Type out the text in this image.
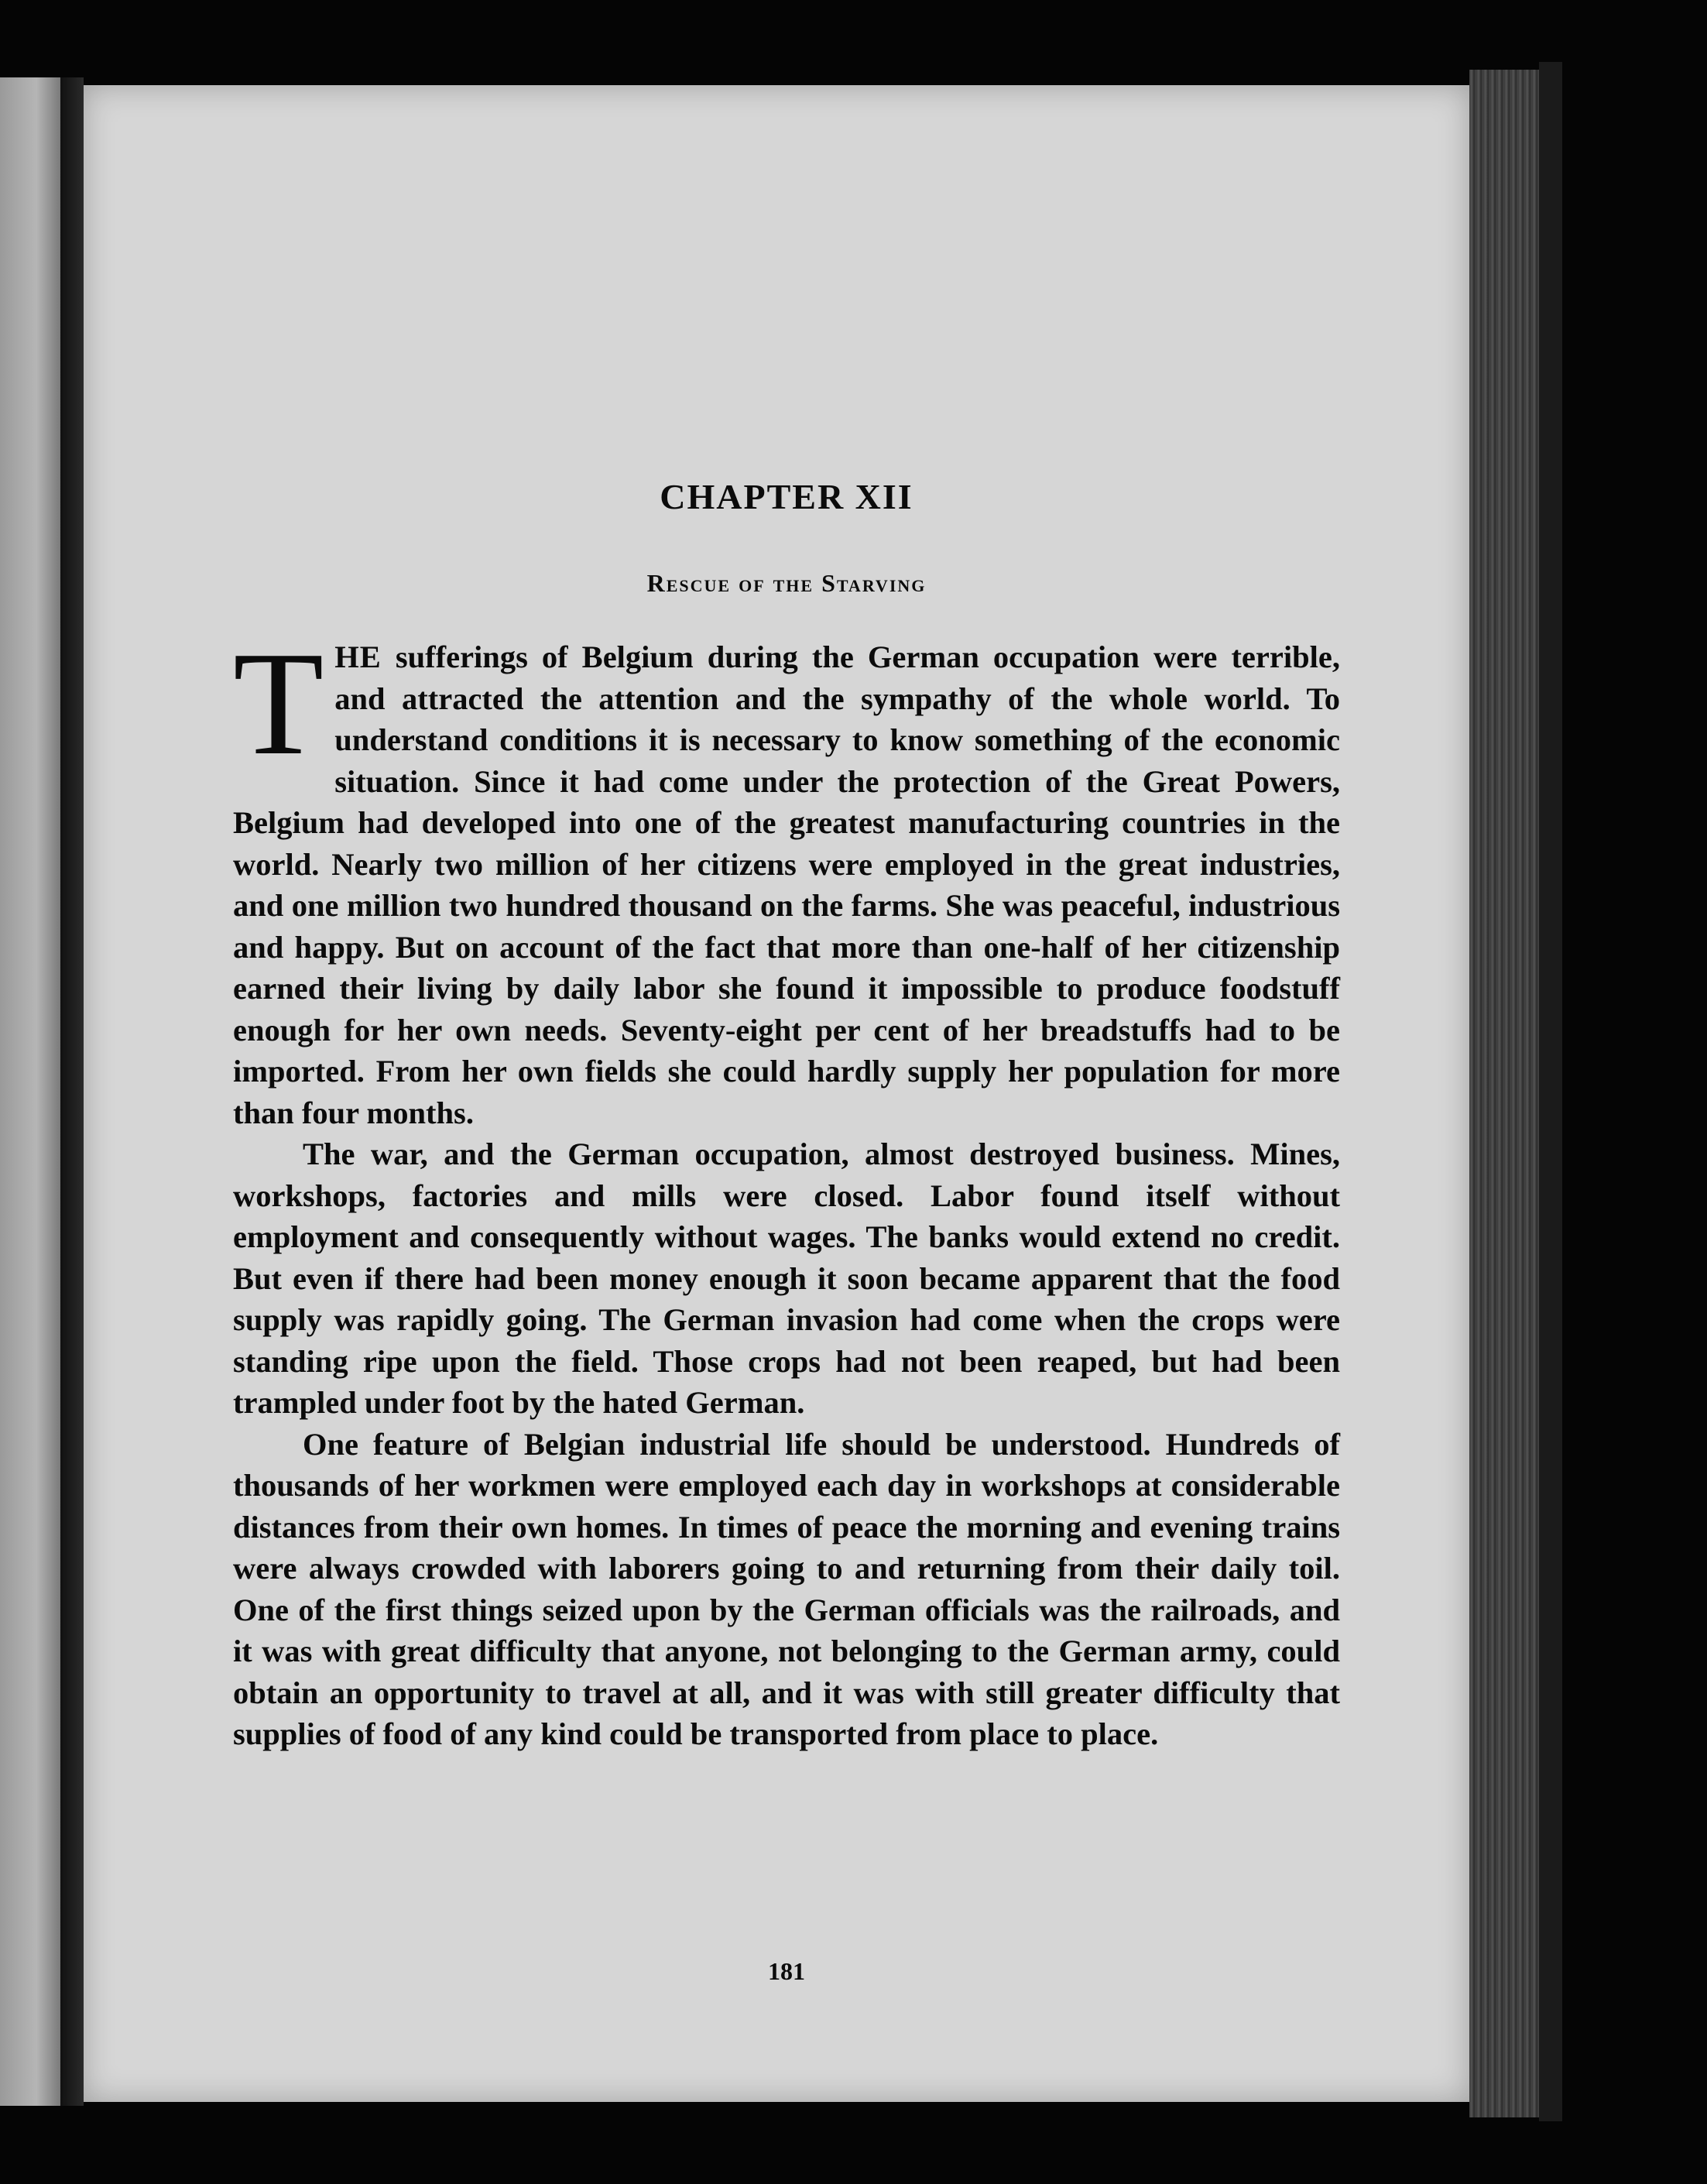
CHAPTER XII
Rescue of the Starving

THE sufferings of Belgium during the German occupation were terrible, and attracted the attention and the sympathy of the whole world. To understand conditions it is necessary to know something of the economic situation. Since it had come under the protection of the Great Powers, Belgium had developed into one of the greatest manufacturing countries in the world. Nearly two million of her citizens were employed in the great industries, and one million two hundred thousand on the farms. She was peaceful, industrious and happy. But on account of the fact that more than one-half of her citizenship earned their living by daily labor she found it impossible to produce foodstuff enough for her own needs. Seventy-eight per cent of her breadstuffs had to be imported. From her own fields she could hardly supply her population for more than four months.

The war, and the German occupation, almost destroyed business. Mines, workshops, factories and mills were closed. Labor found itself without employment and consequently without wages. The banks would extend no credit. But even if there had been money enough it soon became apparent that the food supply was rapidly going. The German invasion had come when the crops were standing ripe upon the field. Those crops had not been reaped, but had been trampled under foot by the hated German.

One feature of Belgian industrial life should be understood. Hundreds of thousands of her workmen were employed each day in workshops at considerable distances from their own homes. In times of peace the morning and evening trains were always crowded with laborers going to and returning from their daily toil. One of the first things seized upon by the German officials was the railroads, and it was with great difficulty that anyone, not belonging to the German army, could obtain an opportunity to travel at all, and it was with still greater difficulty that supplies of food of any kind could be transported from place to place.

181
